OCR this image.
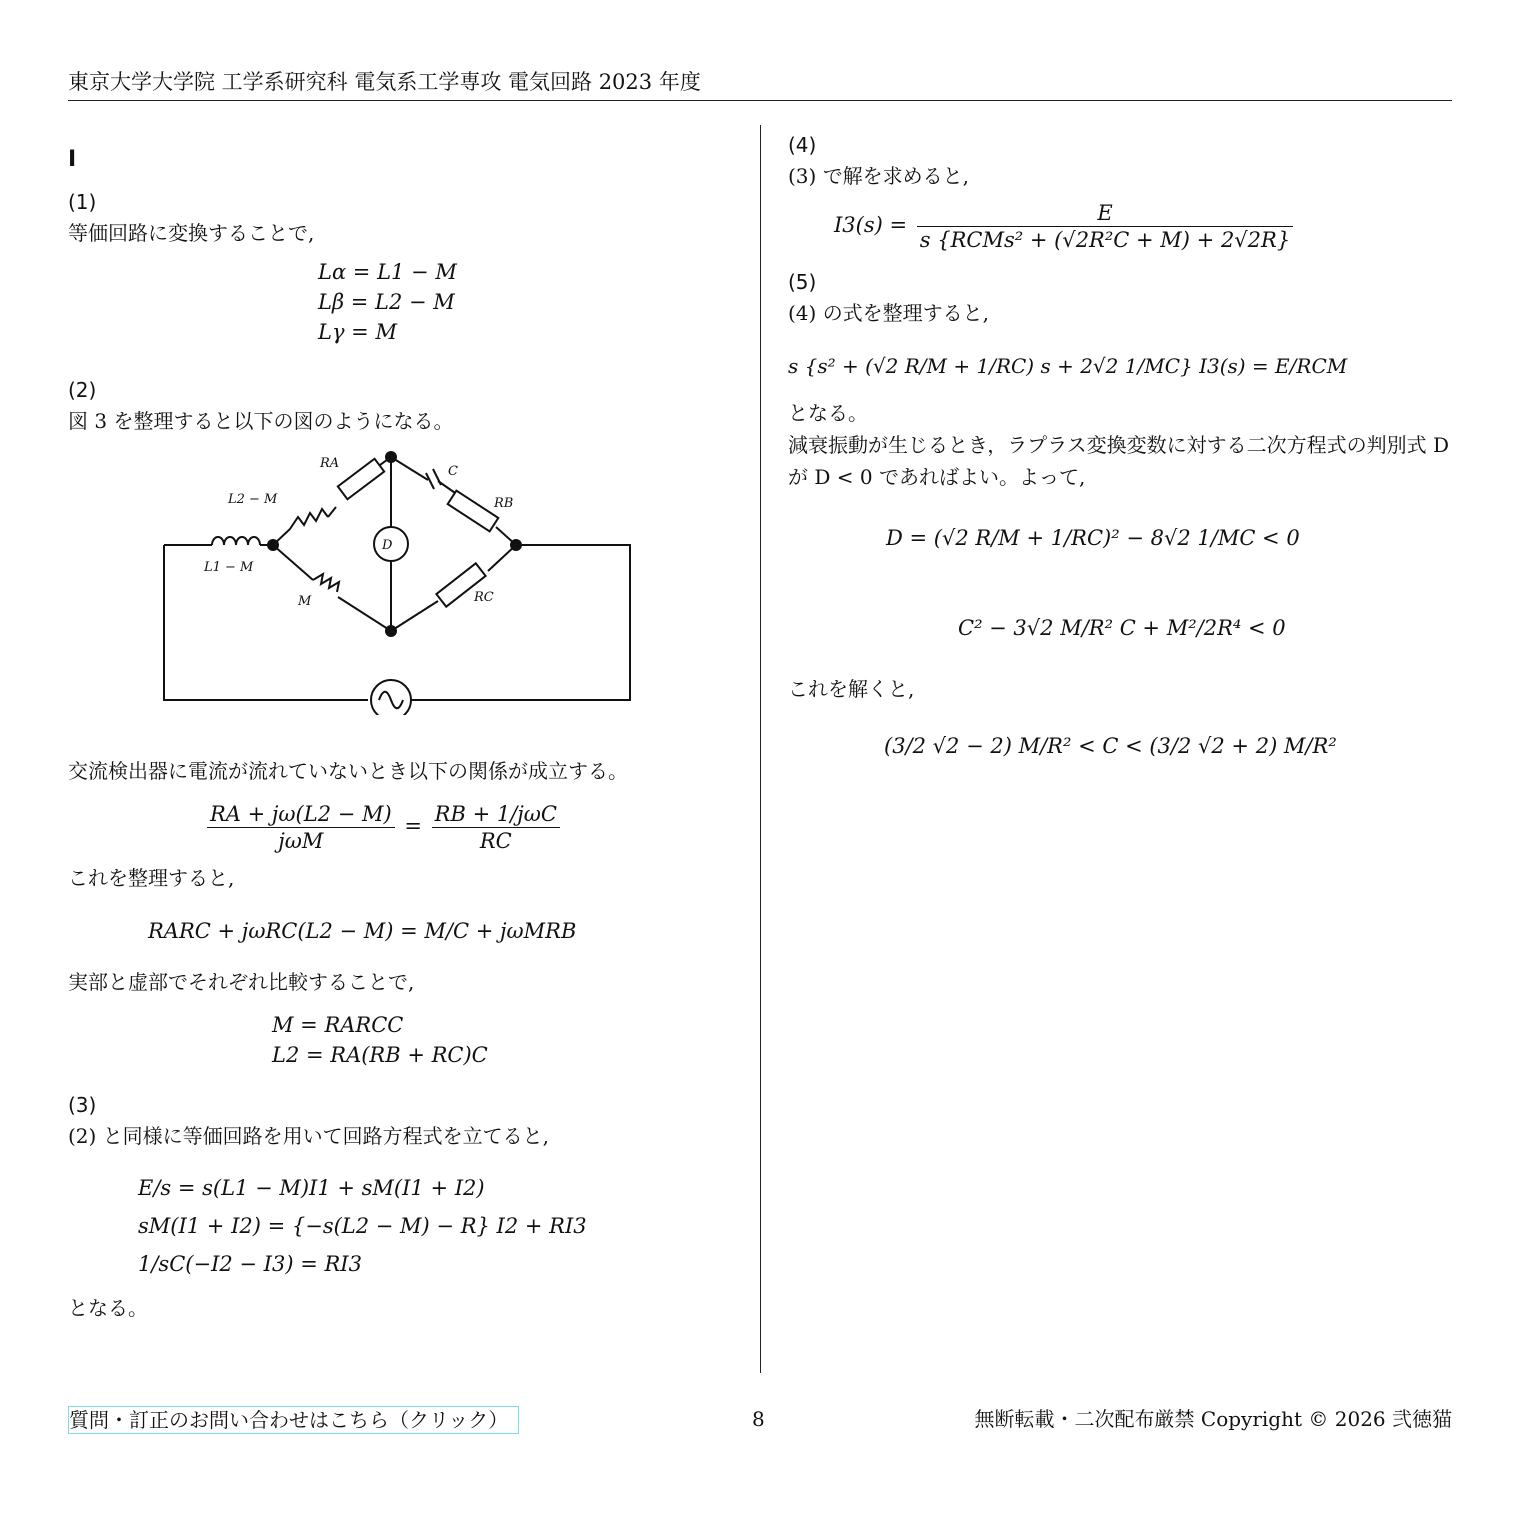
東京大学大学院 工学系研究科 電気系工学専攻 電気回路 2023 年度
I
(1)

等価回路に変換することで,

Lα = L1 − M
Lβ = L2 − M
Lγ = M
(2)

図 3 を整理すると以下の図のようになる。

D
RA
C
L2 − M	RB
L1 − M
M	RC

交流検出器に電流が流れていないとき以下の関係が成立する。

$\frac{RA + j\omega(L2 - M)}{\text{jωM}} = \frac{\text{RB + 1/jωC}}{RC}$

これを整理すると,

RARC + jωRC(L2 − M) = M/C + jωMRB

実部と虚部でそれぞれ比較することで,

M = RARCC
L2 = RA(RB + RC)C
(3)

(2) と同様に等価回路を用いて回路方程式を立てると,

E/s = s(L1 − M)I1 + sM(I1 + I2)
sM(I1 + I2) = {−s(L2 − M) − R} I2 + RI3
1/sC(−I2 − I3) = RI3

となる。

(4)

(3) で解を求めると,

$I3(s) = \frac{E}{\text{s \{RCMs² + (√2R²C + M) + 2√2R\}}}$
(5)

(4) の式を整理すると,

s {s² + (√2 R/M + 1/RC) s + 2√2 1/MC} I3(s) = E/RCM

となる。

減衰振動が生じるとき，ラプラス変換変数に対する二次方程式の判別式 D が D < 0 であればよい。よって,

D = (√2 R/M + 1/RC)² − 8√2 1/MC < 0
C² − 3√2 M/R² C + M²/2R⁴ < 0

これを解くと,

(3/2 √2 − 2) M/R² < C < (3/2 √2 + 2) M/R²
質問・訂正のお問い合わせはこちら（クリック）	8	無断転載・二次配布厳禁 Copyright © 2026 弐徳猫
